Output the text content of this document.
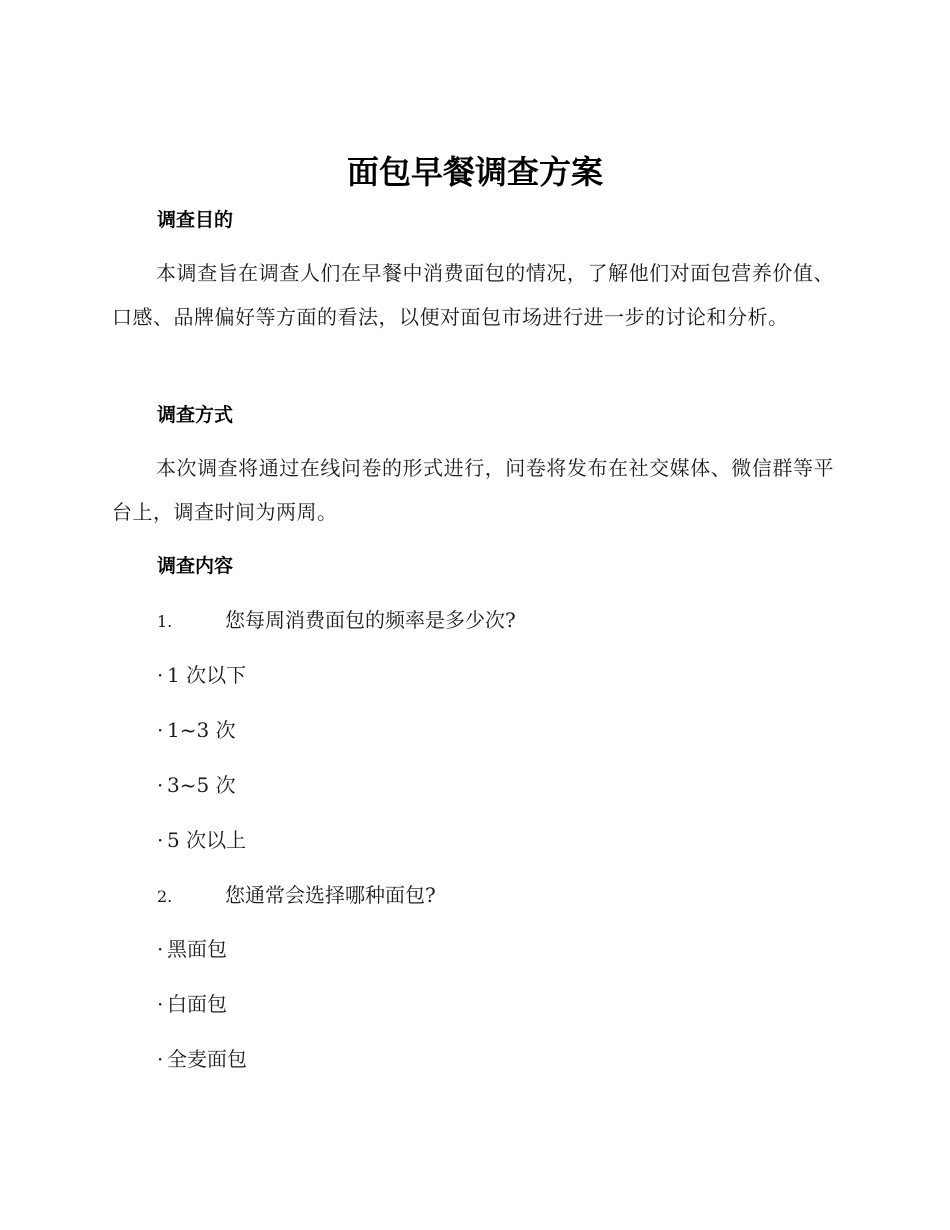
面包早餐调查方案
调查目的
本调查旨在调查人们在早餐中消费面包的情况，了解他们对面包营养价值、口感、品牌偏好等方面的看法，以便对面包市场进行进一步的讨论和分析。
调查方式
本次调查将通过在线问卷的形式进行，问卷将发布在社交媒体、微信群等平台上，调查时间为两周。
调查内容
1.	您每周消费面包的频率是多少次?
· 1 次以下
· 1~3 次
· 3~5 次
· 5 次以上
2.	您通常会选择哪种面包?
· 黑面包
· 白面包
· 全麦面包
